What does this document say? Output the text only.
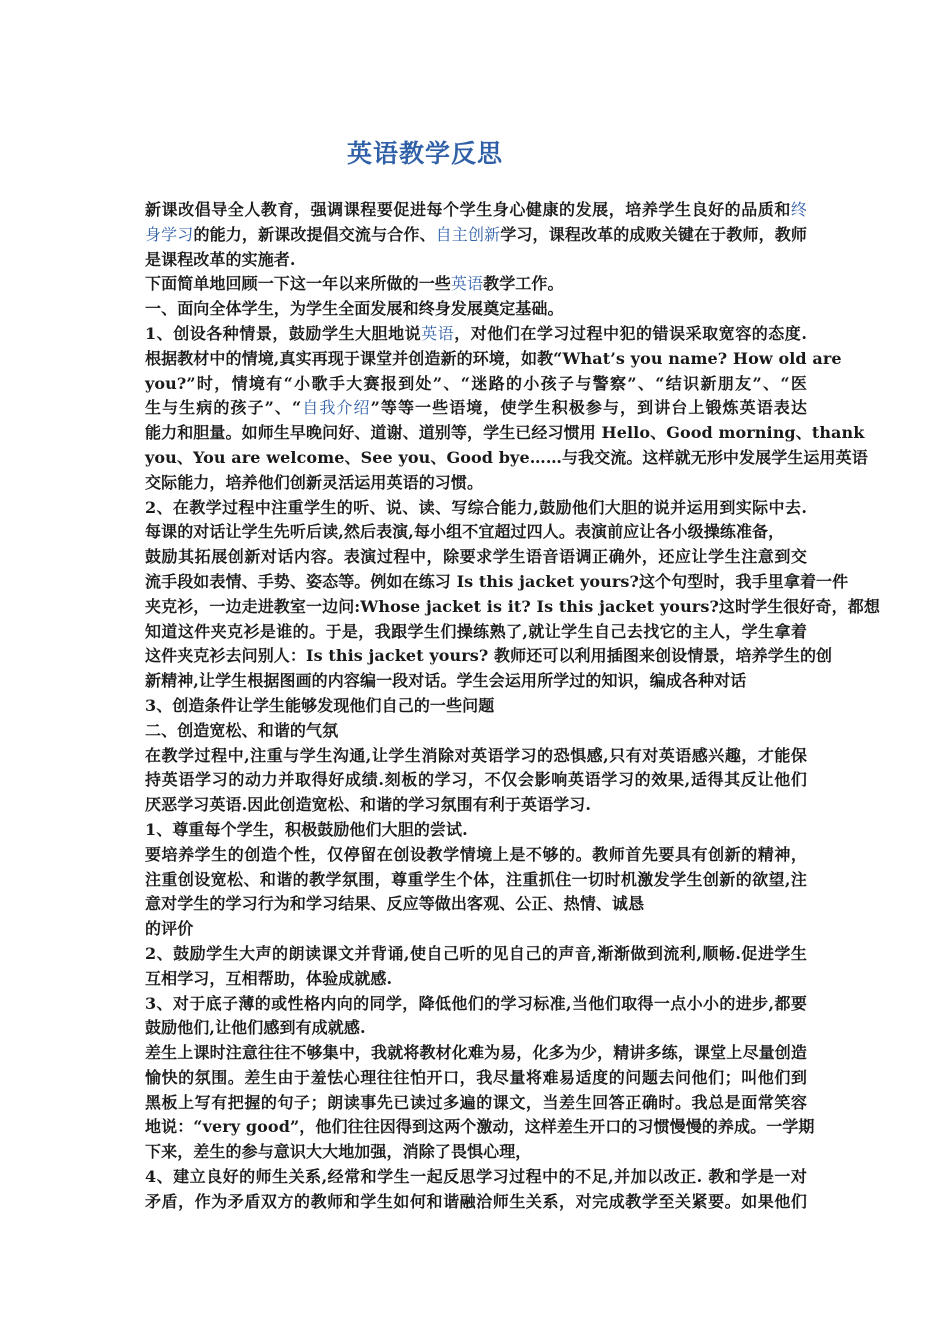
英语教学反思
新课改倡导全人教育，强调课程要促进每个学生身心健康的发展，培养学生良好的品质和终
身学习的能力，新课改提倡交流与合作、自主创新学习，课程改革的成败关键在于教师，教师
是课程改革的实施者.
下面简单地回顾一下这一年以来所做的一些英语教学工作。
一、面向全体学生，为学生全面发展和终身发展奠定基础。
1、创设各种情景，鼓励学生大胆地说英语，对他们在学习过程中犯的错误采取宽容的态度.
根据教材中的情境,真实再现于课堂并创造新的环境，如教“What’s you name? How old are
you?”时，情境有“小歌手大赛报到处”、“迷路的小孩子与警察”、“结识新朋友”、“医
生与生病的孩子”、“自我介绍”等等一些语境，使学生积极参与，到讲台上锻炼英语表达
能力和胆量。如师生早晚问好、道谢、道别等，学生已经习惯用 Hello、Good morning、thank
you、You are welcome、See you、Good bye……与我交流。这样就无形中发展学生运用英语
交际能力，培养他们创新灵活运用英语的习惯。
2、在教学过程中注重学生的听、说、读、写综合能力,鼓励他们大胆的说并运用到实际中去.
每课的对话让学生先听后读,然后表演,每小组不宜超过四人。表演前应让各小级操练准备，
鼓励其拓展创新对话内容。表演过程中，除要求学生语音语调正确外，还应让学生注意到交
流手段如表情、手势、姿态等。例如在练习 Is this jacket yours?这个句型时，我手里拿着一件
夹克衫，一边走进教室一边问:Whose jacket is it? Is this jacket yours?这时学生很好奇，都想
知道这件夹克衫是谁的。于是，我跟学生们操练熟了,就让学生自己去找它的主人，学生拿着
这件夹克衫去问别人：Is this jacket yours? 教师还可以利用插图来创设情景，培养学生的创
新精神,让学生根据图画的内容编一段对话。学生会运用所学过的知识，编成各种对话
3、创造条件让学生能够发现他们自己的一些问题
二、创造宽松、和谐的气氛
在教学过程中,注重与学生沟通,让学生消除对英语学习的恐惧感,只有对英语感兴趣，才能保
持英语学习的动力并取得好成绩.刻板的学习，不仅会影响英语学习的效果,适得其反让他们
厌恶学习英语.因此创造宽松、和谐的学习氛围有利于英语学习.
1、尊重每个学生，积极鼓励他们大胆的尝试.
要培养学生的创造个性，仅停留在创设教学情境上是不够的。教师首先要具有创新的精神，
注重创设宽松、和谐的教学氛围，尊重学生个体，注重抓住一切时机激发学生创新的欲望,注
意对学生的学习行为和学习结果、反应等做出客观、公正、热情、诚恳
的评价
2、鼓励学生大声的朗读课文并背诵,使自己听的见自己的声音,渐渐做到流利,顺畅.促进学生
互相学习，互相帮助，体验成就感.
3、对于底子薄的或性格内向的同学，降低他们的学习标准,当他们取得一点小小的进步,都要
鼓励他们,让他们感到有成就感.
差生上课时注意往往不够集中，我就将教材化难为易，化多为少，精讲多练，课堂上尽量创造
愉快的氛围。差生由于羞怯心理往往怕开口，我尽量将难易适度的问题去问他们；叫他们到
黑板上写有把握的句子；朗读事先已读过多遍的课文，当差生回答正确时。我总是面常笑容
地说：“very good”，他们往往因得到这两个激动，这样差生开口的习惯慢慢的养成。一学期
下来，差生的参与意识大大地加强，消除了畏惧心理，
4、建立良好的师生关系,经常和学生一起反思学习过程中的不足,并加以改正. 教和学是一对
矛盾，作为矛盾双方的教师和学生如何和谐融洽师生关系，对完成教学至关紧要。如果他们
